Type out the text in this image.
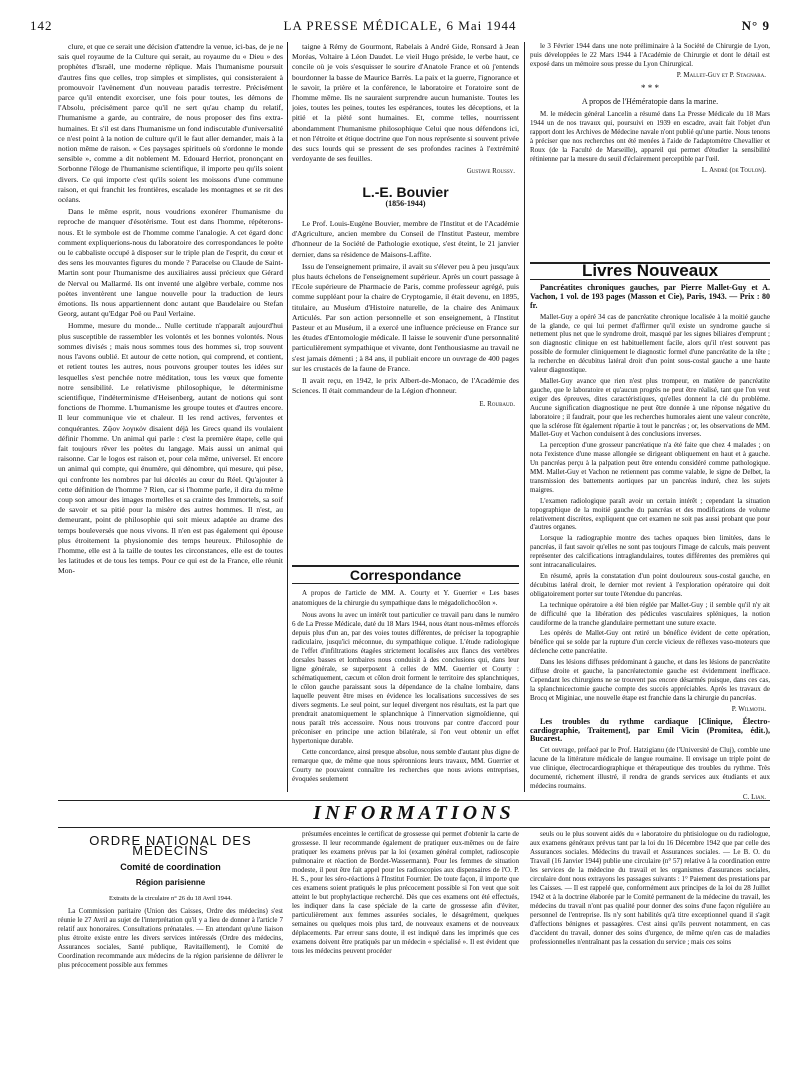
142	LA PRESSE MÉDICALE, 6 Mai 1944	N° 9

clure, et que ce serait une décision d'attendre la venue, ici-bas, de je ne sais quel royaume de la Culture qui serait, au royaume du « Dieu » des prophètes d'Israël, une moderne réplique. Mais l'humanisme poursuit d'autres fins que celles, trop simples et simplistes, qui consisteraient à promouvoir l'avènement d'un nouveau paradis terrestre. Précisément parce qu'il entendit exorciser, une fois pour toutes, les démons de l'Absolu, précisément parce qu'il ne sert qu'au champ du relatif, l'humanisme a garde, au contraire, de nous proposer des fins extra-humaines. Et s'il est dans l'humanisme un fond indiscutable d'universalité ce n'est point à la notion de culture qu'il le faut aller demander, mais à la notion même de raison. « Ces paysages spirituels où s'ordonne le monde sensible », comme a dit noblement M. Edouard Herriot, prononçant en Sorbonne l'éloge de l'humanisme scientifique, il importe peu qu'ils soient divers. Ce qui importe c'est qu'ils soient les moissons d'une commune raison, et qui franchit les frontières, escalade les montagnes et se rit des océans.

Dans le même esprit, nous voudrions exonérer l'humanisme du reproche de manquer d'ésotérisme. Tout est dans l'homme, répéterons-nous. Et le symbole est de l'homme comme l'analogie. A cet égard donc comment expliquerions-nous du laboratoire des correspondances le poète ou le cabbaliste occupé à disposer sur le triple plan de l'esprit, du cœur et des sens les mouvantes figures du monde ? Paracelse ou Claude de Saint-Martin sont pour l'humanisme des auxiliaires aussi précieux que Gérard de Nerval ou Mallarmé. Ils ont inventé une algèbre verbale, comme nos poètes inventèrent une langue nouvelle pour la traduction de leurs émotions. Ils nous appartiennent donc autant que Baudelaire ou Stefan Georg, autant qu'Edgar Poë ou Paul Verlaine.

Homme, mesure du monde... Nulle certitude n'apparaît aujourd'hui plus susceptible de rassembler les volontés et les bonnes volontés. Nous sommes divisés ; mais nous sommes tous des hommes si, trop souvent nous l'avons oublié. Et autour de cette notion, qui comprend, et contient, et retient toutes les autres, nous pouvons grouper toutes les idées sur lesquelles s'est penchée notre méditation, tous les vœux que fomente notre sensibilité. Le relativisme philosophique, le déterminisme scientifique, l'indéterminisme d'Heisenberg, autant de notions qui sont fonctions de l'homme. L'humanisme les groupe toutes et d'autres encore. Il leur communique vie et chaleur. Il les rend actives, ferventes et conquérantes. Ζῷον λογικόν disaient déjà les Grecs quand ils voulaient définir l'homme. Un animal qui parle : c'est la première étape, celle qui fait toujours rêver les poètes du langage. Mais aussi un animal qui raisonne. Car le logos est raison et, pour cela même, universel. Et encore un animal qui compte, qui énumère, qui dénombre, qui mesure, qui pèse, qui confronte les nombres par lui décelés au cœur du Réel. Qu'ajouter à cette définition de l'homme ? Rien, car si l'homme parle, il dira du même coup son amour des images mortelles et sa crainte des Immortels, sa soif de savoir et sa pitié pour la misère des autres hommes. Il n'est, au demeurant, point de philosophie qui soit mieux adaptée au drame des temps bouleversés que nous vivons. Il n'en est pas également qui épouse plus étroitement la physionomie des temps heureux. Philosophie de l'homme, elle est à la taille de toutes les circonstances, elle est de toutes les latitudes et de tous les temps. Pour ce qui est de la France, elle réunit Mon-

taigne à Rémy de Gourmont, Rabelais à André Gide, Ronsard à Jean Moréas, Voltaire à Léon Daudet. Le vieil Hugo préside, le verbe haut, ce concile où je vois s'esquisser le sourire d'Anatole France et où j'entends bourdonner la basse de Maurice Barrès. La paix et la guerre, l'ignorance et le savoir, la prière et la conférence, le laboratoire et l'oratoire sont de l'homme même. Ils ne sauraient surprendre aucun humaniste. Toutes les joies, toutes les peines, toutes les espérances, toutes les déceptions, et la pitié et la piété sont humaines. Et, comme telles, nourrissent abondamment l'humanisme philosophique Celui que nous défendons ici, et non l'étroite et étique doctrine que l'on nous représente si souvent privée des sucs lourds qui se pressent de ses profondes racines à l'extrémité verdoyante de ses feuilles.

Gustave Roussy.
L.-E. Bouvier
(1856-1944)

Le Prof. Louis-Eugène Bouvier, membre de l'Institut et de l'Académie d'Agriculture, ancien membre du Conseil de l'Institut Pasteur, membre d'honneur de la Société de Pathologie exotique, s'est éteint, le 21 janvier dernier, dans sa résidence de Maisons-Laffite.

Issu de l'enseignement primaire, il avait su s'élever peu à peu jusqu'aux plus hauts échelons de l'enseignement supérieur. Après un court passage à l'Ecole supérieure de Pharmacie de Paris, comme professeur agrégé, puis comme suppléant pour la chaire de Cryptogamie, il était devenu, en 1895, titulaire, au Muséum d'Histoire naturelle, de la chaire des Animaux Articulés. Par son action personnelle et son enseignement, à l'Institut Pasteur et au Muséum, il a exercé une influence précieuse en France sur les études d'Entomologie médicale. Il laisse le souvenir d'une personnalité particulièrement sympathique et vivante, dont l'enthousiasme au travail ne s'est jamais démenti ; à 84 ans, il publiait encore un ouvrage de 400 pages sur les crustacés de la faune de France.

Il avait reçu, en 1942, le prix Albert-de-Monaco, de l'Académie des Sciences. Il était commandeur de la Légion d'honneur.

E. Roubaud.
Correspondance

A propos de l'article de MM. A. Courty et Y. Guerrier « Les bases anatomiques de la chirurgie du sympathique dans le mégadolichocôlon ».

Nous avons lu avec un intérêt tout particulier ce travail paru dans le numéro 6 de La Presse Médicale, daté du 18 Mars 1944, nous étant nous-mêmes efforcés depuis plus d'un an, par des voies toutes différentes, de préciser la topographie radiculaire, jusqu'ici méconnue, du sympathique colique. L'étude radiologique de l'effet d'infiltrations étagées strictement localisées aux flancs des vertèbres dorsales basses et lombaires nous conduisit à des conclusions qui, dans leur ligne générale, se superposent à celles de MM. Guerrier et Courty : schématiquement, cæcum et côlon droit forment le territoire des splanchniques, le côlon gauche paraissant sous la dépendance de la chaîne lombaire, dans laquelle peuvent être mises en évidence les localisations successives de ses divers segments. Le seul point, sur lequel divergent nos résultats, est la part que prendrait anatomiquement le splanchnique à l'innervation sigmoïdienne, qui nous paraît très accessoire. Nous nous trouvons par contre d'accord pour préconiser en principe une action bilatérale, si l'on veut obtenir un effet hypertonique durable.

Cette concordance, ainsi presque absolue, nous semble d'autant plus digne de remarque que, de même que nous spéronnions leurs travaux, MM. Guerrier et Courty ne pouvaient connaître les recherches que nous avions entreprises, évoquées seulement

le 3 Février 1944 dans une note préliminaire à la Société de Chirurgie de Lyon, puis développées le 22 Mars 1944 à l'Académie de Chirurgie et dont le détail est exposé dans un mémoire sous presse du Lyon Chirurgical.

P. Mallet-Guy et P. Stagnara.
* * *
A propos de l'Hémératopie dans la marine.

M. le médecin général Lancelin a résumé dans La Presse Médicale du 18 Mars 1944 un de nos travaux qui, poursuivi en 1939 en escadre, avait fait l'objet d'un rapport dont les Archives de Médecine navale n'ont publié qu'une partie. Nous tenons à préciser que nos recherches ont été menées à l'aide de l'adaptomètre Chevallier et Roux (de la Faculté de Marseille), appareil qui permet d'étudier la sensibilité rétinienne par la mesure du seuil d'éclairement perceptible par l'œil.

L. André (de Toulon).
Livres Nouveaux

Pancréatites chroniques gauches, par Pierre Mallet-Guy et A. Vachon, 1 vol. de 193 pages (Masson et Cie), Paris, 1943. — Prix : 80 fr.

Mallet-Guy a opéré 34 cas de pancréatite chronique localisée à la moitié gauche de la glande, ce qui lui permet d'affirmer qu'il existe un syndrome gauche si nettement plus net que le syndrome droit, masqué par les signes biliaires d'emprunt ; son diagnostic clinique en est habituellement facile, alors qu'il n'est souvent pas possible de formuler cliniquement le diagnostic formel d'une pancréatite de la tête ; la recherche en décubitus latéral droit d'un point sous-costal gauche a une haute valeur diagnostique.

Mallet-Guy avance que rien n'est plus trompeur, en matière de pancréatite gauche, que le laboratoire et qu'aucun progrès ne peut être réalisé, tant que l'on veut exiger des épreuves, dites caractéristiques, qu'elles donnent la clé du problème. Aucune signification diagnostique ne peut être donnée à une réponse négative du laboratoire ; il faudrait, pour que les recherches humorales aient une valeur concrète, que la sclérose fût également répartie à tout le pancréas ; or, les observations de MM. Mallet-Guy et Vachon conduisent à des conclusions inverses.

La perception d'une grosseur pancréatique n'a été faite que chez 4 malades ; on nota l'existence d'une masse allongée se dirigeant obliquement en haut et à gauche. Un pancréas perçu à la palpation peut être entendu considéré comme pathologique. MM. Mallet-Guy et Vachon ne retiennent pas comme valable, le signe de Delbet, la transmission des battements aortiques par un pancréas induré, chez les sujets maigres.

L'examen radiologique paraît avoir un certain intérêt ; cependant la situation topographique de la moitié gauche du pancréas et des modifications de volume relativement discrètes, expliquent que cet examen ne soit pas aussi probant que pour d'autres organes.

Lorsque la radiographie montre des taches opaques bien limitées, dans le pancréas, il faut savoir qu'elles ne sont pas toujours l'image de calculs, mais peuvent représenter des calcifications intraglandulaires, toutes différentes des premières qui sont intracanaliculaires.

En résumé, après la constatation d'un point douloureux sous-costal gauche, en décubitus latéral droit, le dernier mot revient à l'exploration opératoire qui doit obligatoirement porter sur toute l'étendue du pancréas.

La technique opératoire a été bien réglée par Mallet-Guy ; il semble qu'il n'y ait de difficulté que la libération des pédicules vasculaires spléniques, la notion caudiforme de la tranche glandulaire permettant une suture exacte.

Les opérés de Mallet-Guy ont retiré un bénéfice évident de cette opération, bénéfice qui se solde par la rupture d'un cercle vicieux de réflexes vaso-moteurs que déclenche cette pancréatite.

Dans les lésions diffuses prédominant à gauche, et dans les lésions de pancréatite diffuse droite et gauche, la pancréatectomie gauche est évidemment inefficace. Cependant les chirurgiens ne se trouvent pas encore désarmés puisque, dans ces cas, la splanchnicectomie gauche compte des succès appréciables. Après les travaux de Brocq et Miginiac, une nouvelle étape est franchie dans la chirurgie du pancréas.

P. Wilmoth.

Les troubles du rythme cardiaque [Clinique, Électro-cardiographie, Traitement], par Emil Vicin (Promitea, édit.), Bucarest.

Cet ouvrage, préfacé par le Prof. Hatzigianu (de l'Université de Cluj), comble une lacune de la littérature médicale de langue roumaine. Il envisage un triple point de vue clinique, électrocardiographique et thérapeutique des troubles du rythme. Très documenté, richement illustré, il rendra de grands services aux étudiants et aux médecins roumains.

C. Lian.

INFORMATIONS
ORDRE NATIONAL DES MÉDECINS
Comité de coordination
Région parisienne
Extraits de la circulaire n° 26 du 18 Avril 1944.

La Commission paritaire (Union des Caisses, Ordre des médecins) s'est réunie le 27 Avril au sujet de l'interprétation qu'il y a lieu de donner à l'article 7 relatif aux honoraires. Consultations prénatales. — En attendant qu'une liaison plus étroite existe entre les divers services intéressés (Ordre des médecins, Assurances sociales, Santé publique, Ravitaillement), le Comité de Coordination recommande aux médecins de la région parisienne de délivrer le plus précocement possible aux femmes

présumées enceintes le certificat de grossesse qui permet d'obtenir la carte de grossesse. Il leur recommande également de pratiquer eux-mêmes ou de faire pratiquer les examens prévus par la loi (examen général complet, radioscopie pulmonaire et réaction de Bordet-Wassermann). Pour les femmes de situation modeste, il peut être fait appel pour les radioscopies aux dispensaires de l'O. P. H. S., pour les séro-réactions à l'Institut Fournier. De toute façon, il importe que ces examens soient pratiqués le plus précocement possible si l'on veut que soit atteint le but prophylactique recherché. Dès que ces examens ont été effectués, les indiquer dans la case spéciale de la carte de grossesse afin d'éviter, particulièrement aux femmes assurées sociales, le désagrément, quelques semaines ou quelques mois plus tard, de nouveaux examens et de nouveaux déplacements. Par erreur sans doute, il est indiqué dans les imprimés que ces examens doivent être pratiqués par un médecin « spécialisé ». Il est évident que tous les médecins peuvent procéder

seuls ou le plus souvent aidés du « laboratoire du phtisiologue ou du radiologue, aux examens généraux prévus tant par la loi du 16 Décembre 1942 que par celle des Assurances sociales. Médecins du travail et Assurances sociales. — Le B. O. du Travail (16 Janvier 1944) publie une circulaire (n° 57) relative à la coordination entre les services de la médecine du travail et les organismes d'assurances sociales, circulaire dont nous extrayons les passages suivants : 1° Paiement des prestations par les Caisses. — Il est rappelé que, conformément aux principes de la loi du 28 Juillet 1942 et à la doctrine élaborée par le Comité permanent de la médecine du travail, les médecins du travail n'ont pas qualité pour donner des soins d'une façon régulière au personnel de l'entreprise. Ils n'y sont habilités qu'à titre exceptionnel quand il s'agit d'affections bénignes et passagères. C'est ainsi qu'ils peuvent notamment, en cas d'accident du travail, donner des soins d'urgence, de même qu'en cas de maladies professionnelles n'entraînant pas la cessation du service ; mais ces soins
